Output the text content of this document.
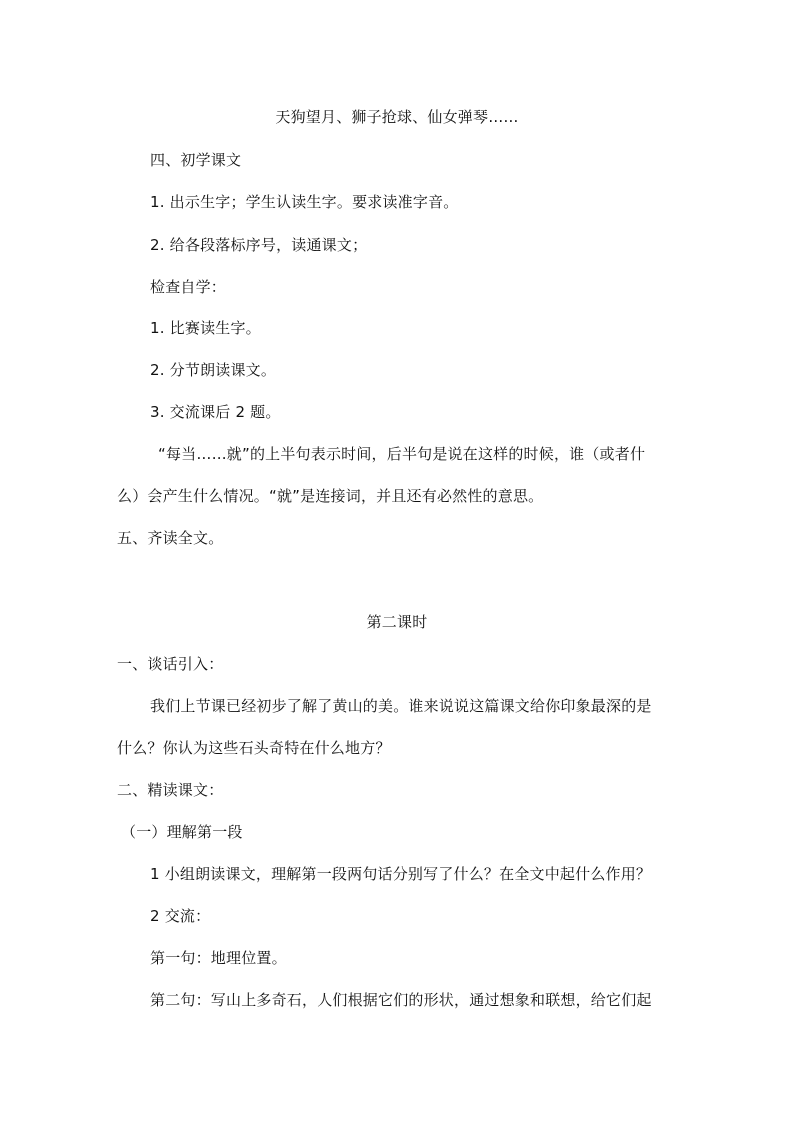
天狗望月、狮子抢球、仙女弹琴……
四、初学课文
1. 出示生字；学生认读生字。要求读准字音。
2. 给各段落标序号，读通课文；
检查自学：
1. 比赛读生字。
2. 分节朗读课文。
3. 交流课后 2 题。
“每当……就”的上半句表示时间，后半句是说在这样的时候，谁（或者什
么）会产生什么情况。“就”是连接词，并且还有必然性的意思。
五、齐读全文。
第二课时
一、谈话引入：
我们上节课已经初步了解了黄山的美。谁来说说这篇课文给你印象最深的是
什么？你认为这些石头奇特在什么地方？
二、精读课文：
（一）理解第一段
1 小组朗读课文，理解第一段两句话分别写了什么？在全文中起什么作用？
2 交流：
第一句：地理位置。
第二句：写山上多奇石，人们根据它们的形状，通过想象和联想，给它们起
